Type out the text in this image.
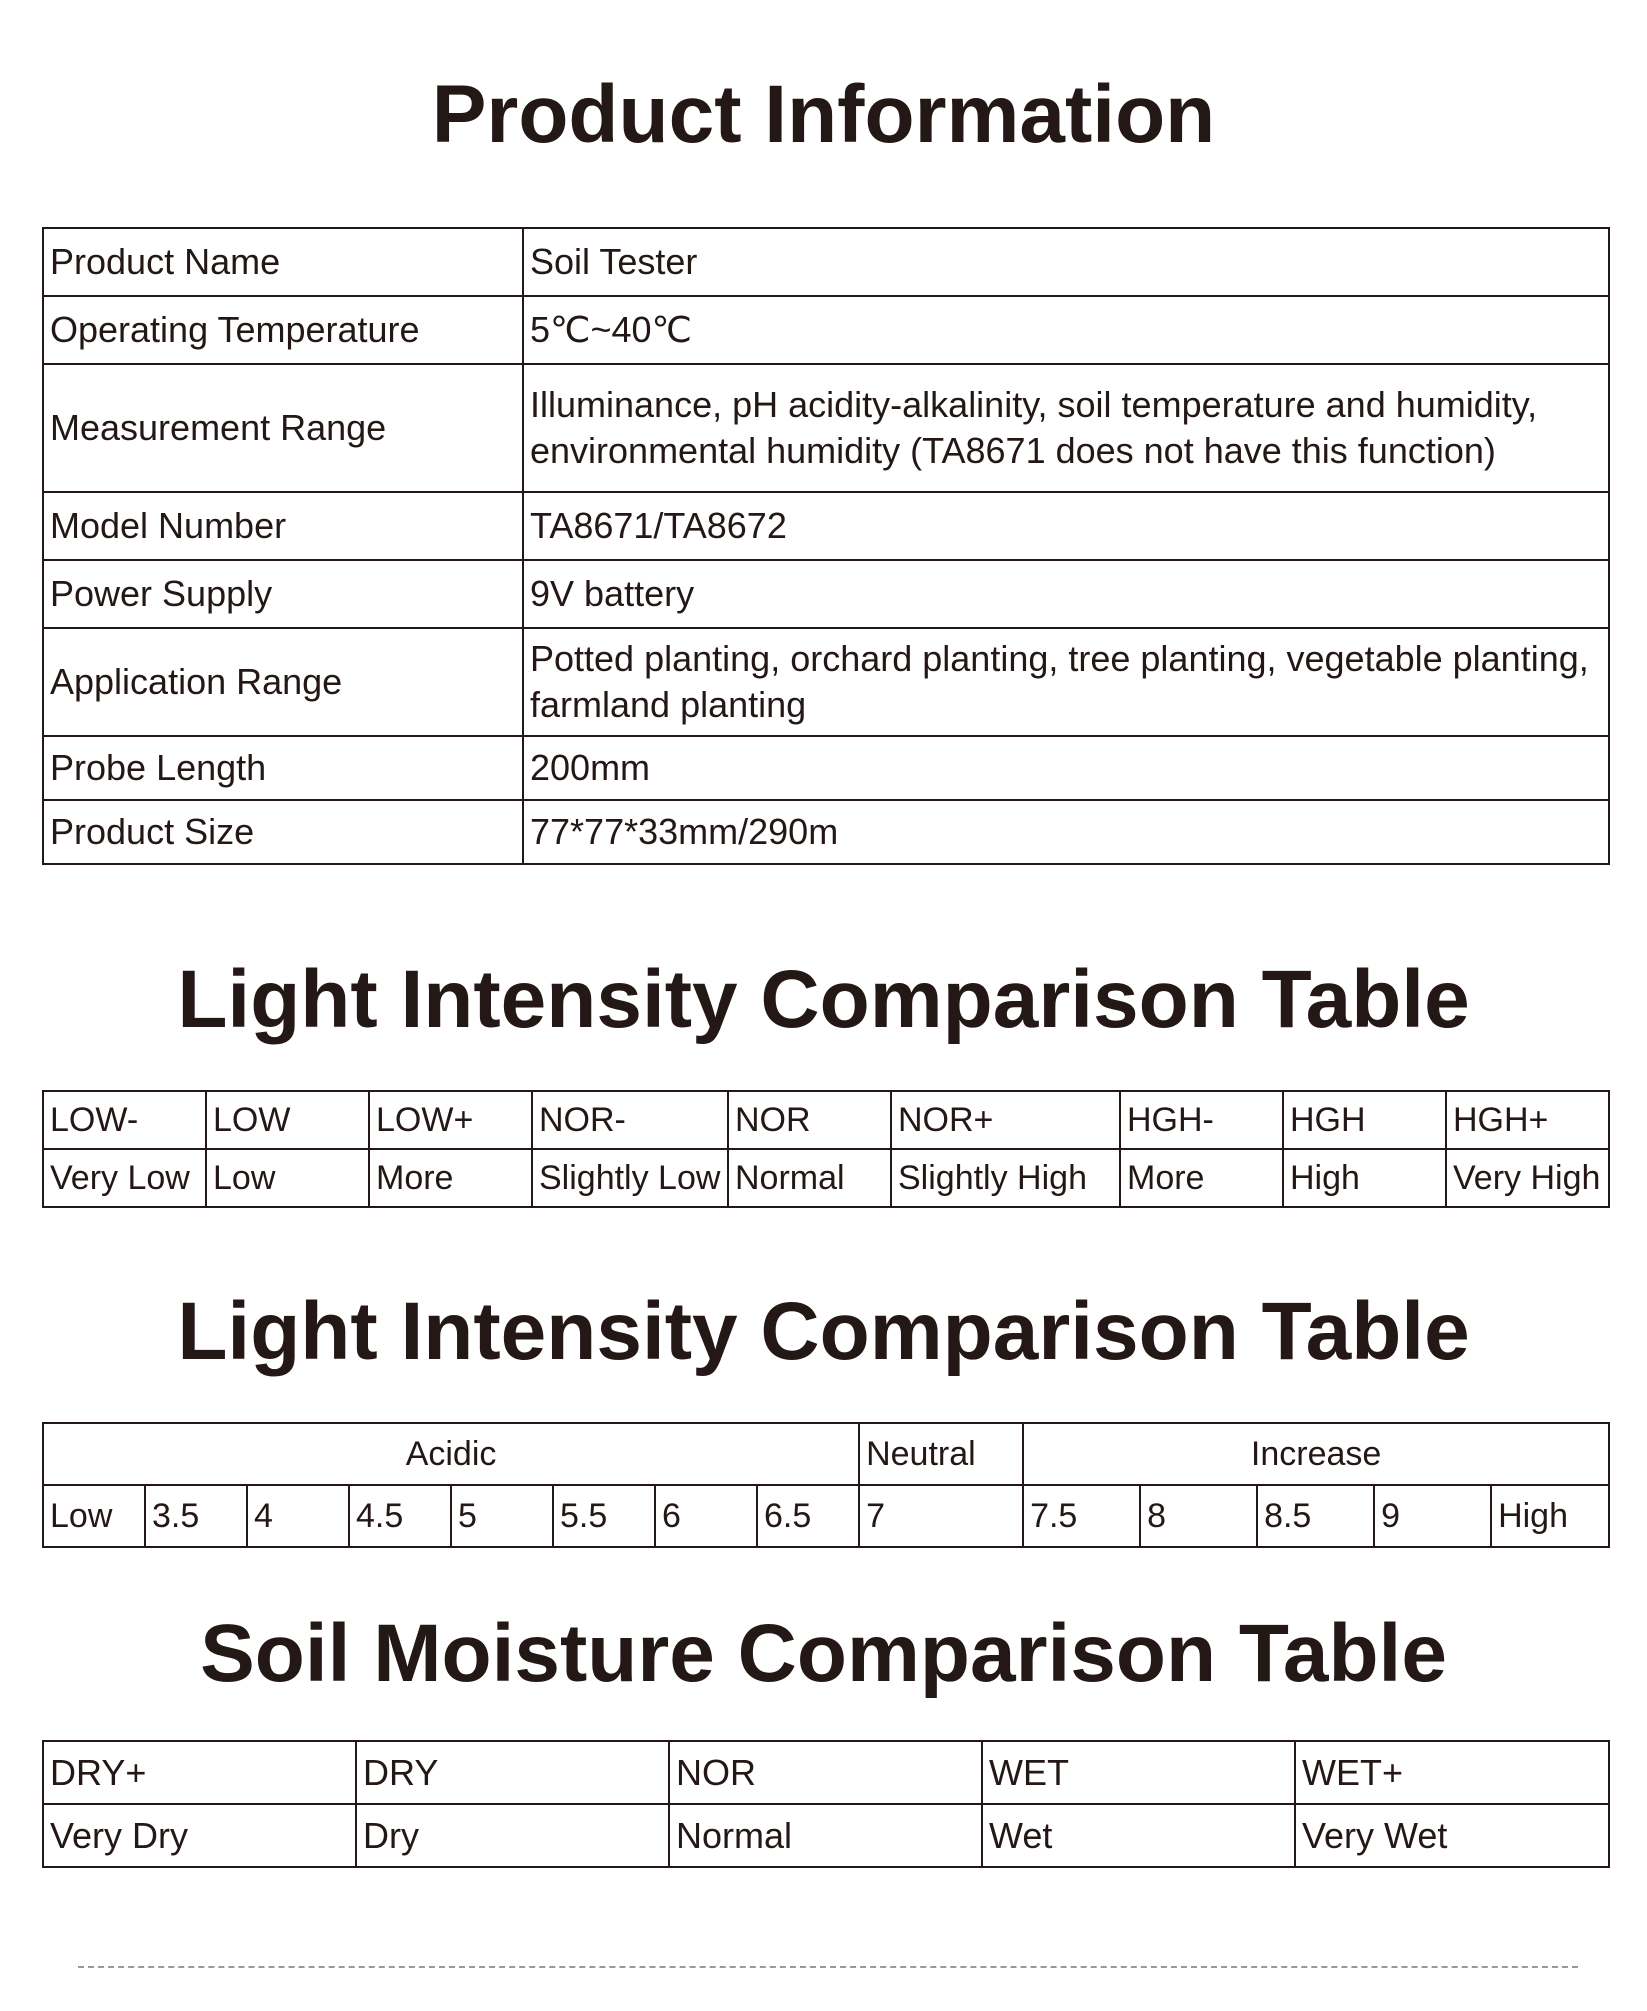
Product Information
Product Name	Soil Tester
Operating Temperature	5℃~40℃
Measurement Range	Illuminance, pH acidity-alkalinity, soil temperature and humidity, environmental humidity (TA8671 does not have this function)
Model Number	TA8671/TA8672
Power Supply	9V battery
Application Range	Potted planting, orchard planting, tree planting, vegetable planting, farmland planting
Probe Length	200mm
Product Size	77*77*33mm/290m
Light Intensity Comparison Table
LOW-	LOW	LOW+	NOR-	NOR	NOR+	HGH-	HGH	HGH+
Very Low	Low	More	Slightly Low	Normal	Slightly High	More	High	Very High
Light Intensity Comparison Table
Acidic								Neutral	Increase				
Low	3.5	4	4.5	5	5.5	6	6.5	7	7.5	8	8.5	9	High
Soil Moisture Comparison Table
DRY+	DRY	NOR	WET	WET+
Very Dry	Dry	Normal	Wet	Very Wet
